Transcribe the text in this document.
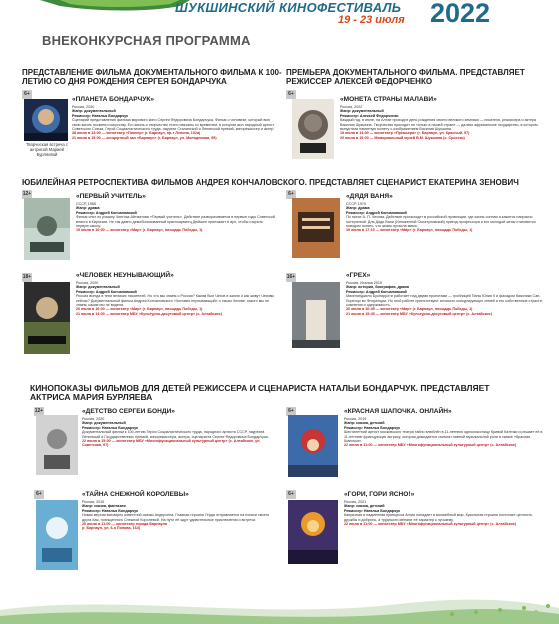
ШУКШИНСКИЙ КИНОФЕСТИВАЛЬ
19 - 23 июля 2022
ВНЕКОНКУРСНАЯ ПРОГРАММА
ПРЕДСТАВЛЕНИЕ ФИЛЬМА ДОКУМЕНТАЛЬНОГО ФИЛЬМА К 100-ЛЕТИЮ СО ДНЯ РОЖДЕНИЯ СЕРГЕЯ БОНДАРЧУКА
ПРЕМЬЕРА ДОКУМЕНТАЛЬНОГО ФИЛЬМА. ПРЕДСТАВЛЯЕТ РЕЖИССЕР АЛЕКСЕЙ ФЕДОРЧЕНКО
6+
Творческая встреча с актрисой Марией Бурляевой
«ПЛАНЕТА БОНДАРЧУК»
Россия, 2020
Жанр: документальный
Режиссер: Наталья Бондарчук
Сценарий представления фильма мирового кино Сергея Федоровича Бондарчука. Фильм о человеке, который всю свою жизнь посвятил искусству. Его жизнь и творчество тесно связаны со временем, в котором жил народный артист Советского Союза, Герой Социалистического труда, лауреат Сталинской и Ленинской премий, кинорежиссер и актер.
28 июля в 13:00 — кинотеатр «Пионер» (г. Барнаул, пр-т Ленина, 102а)
21 июля в 15:00 — концертный зал «Барнаул» (г. Барнаул, ул. Молодежная, 59)
6+
«МОНЕТА СТРАНЫ МАЛАВИ»
Россия, 2022
Жанр: документальный
Режиссер: Алексей Федорченко
Каждый год, в июле, на Алтае проходит день рождения своего великого земляка — писателя, режиссера и актера Василия Шукшина. Творчество приходит не только в нашей стране — далеко африканское государство, в котором выпустили памятную монету с изображением Василия Шукшина.
19 июля в 14:00 — кинотеатр «Премьера» (г. Барнаул, ул. Красный, 97)
20 июля в 15:00 — Мемориальный музей В.М. Шукшина (с. Сростки)
ЮБИЛЕЙНАЯ РЕТРОСПЕКТИВА ФИЛЬМОВ АНДРЕЯ КОНЧАЛОВСКОГО. ПРЕДСТАВЛЯЕТ СЦЕНАРИСТ ЕКАТЕРИНА ЗЕНОВИЧ
12+	«ПЕРВЫЙ УЧИТЕЛЬ»
СССР, 1965
Жанр: драма
Режиссер: Андрей Кончаловский
Фильм снят по роману Чингиза Айтматова «Первый учитель». Действие разворачивается в первые годы Советской власти в Киргизии. Не так давно демобилизованный красноармеец Дюйшен приезжает в аул, чтобы открыть первую школу.
19 июля в 10:00 — кинотеатр «Мир» (г. Барнаул, площадь Победы, 1)
6+	«ДЯДЯ ВАНЯ»
СССР, 1970
Жанр: драма
Режиссер: Андрей Кончаловский
По пьесе А. П. Чехова. Действие происходит в российской провинции, где жизнь сонная и кажется напрасно потерянной. Для Дяди Вани (Иннокентий Смоктуновский) приезд профессора и его молодой жены становится поводом понять, что жизнь прошла мимо.
19 июля в 17:10 — кинотеатр «Мир» (г. Барнаул, площадь Победы, 1)
18+	«ЧЕЛОВЕК НЕУНЫВАЮЩИЙ»
Россия, 2020
Жанр: документальный
Режиссер: Андрей Кончаловский
Россия всегда в тени великих писателей. Но что мы знаем о России? Каким был Чехов в жизни и как живут Чеховы сейчас? Документальный фильм Андрея Кончаловского «Человек неунывающий» о таком Чехове, какого мы не знаем, каким мы не видели.
20 июля в 16:00 — кинотеатр «Мир» (г. Барнаул, площадь Победы, 1)
21 июля в 14:00 — кинотеатр МБУ «Культурно-досуговый центр» (с. Алтайское)
16+	«ГРЕХ»
Россия, Италия 2019
Жанр: история, биография, драма
Режиссер: Андрей Кончаловский
Микеланджело Буонарроти работает над двумя проектами — гробницей Папы Юлия II и фасадом базилики Сан-Лоренцо во Флоренции. Но этой работе препятствуют алчность конкурирующих семей и его собственные страсти, сомнения и одержимость.
20 июля в 10:45 — кинотеатр «Мир» (г. Барнаул, площадь Победы, 1)
21 июля в 15:45 — кинотеатр МБУ «Культурно-досуговый центр» (с. Алтайское)
КИНОПОКАЗЫ ФИЛЬМОВ ДЛЯ ДЕТЕЙ РЕЖИССЕРА И СЦЕНАРИСТА НАТАЛЬИ БОНДАРЧУК. ПРЕДСТАВЛЯЕТ АКТРИСА МАРИЯ БУРЛЯЕВА
12+	«ДЕТСТВО СЕРГЕИ БОНДИ»
Россия, 2020
Жанр: документальный
Режиссер: Наталья Бондарчук
Документальный фильм к 100-летию Героя Социалистического труда, народного артиста СССР, лауреата Ленинской и Государственных премий, кинорежиссера, актера, сценариста Сергея Федоровича Бондарчука.
22 июля в 15:00 — кинотеатр МБУ «Многофункциональный культурный центр» (с. Алтайское, ул. Советская, 97)
6+	«КРАСНАЯ ШАПОЧКА. ОНЛАЙН»
Россия, 2019
Жанр: сказка, детский
Режиссер: Наталья Бондарчук
Шестилетний артист московского театра тайно влюблён в 11-летнюю одноклассницу Кривой Катечки и решает её в 11-летнюю французскую актрису, которая дожидается съемок главной музыкальной роли в сказке «Красная Шапочка».
22 июля в 11:00 — кинотеатр МБУ «Многофункциональный культурный центр» (с. Алтайское)
6+	«ТАЙНА СНЕЖНОЙ КОРОЛЕВЫ»
Россия, 2015
Жанр: сказка, фантазия
Режиссер: Наталья Бондарчук
Новая версия всемирно известной сказки Андерсена. Главная героиня Герда отправляется на поиски своего друга Кая, похищенного Снежной Королевой. На пути её ждут удивительные приключения и встречи.
20 июля в 11:00 — кинотеатр города Барнаула
(г. Барнаул, ул. 6-я Попова, 164)
6+	«ГОРИ, ГОРИ ЯСНО!»
Россия, 2021
Жанр: сказка, детский
Режиссер: Наталья Бондарчук
Капризная и надменная принцесса Агния попадает в волшебный мир. Кукольная героиня постигает ценность дружбы и доброты, а трудности меняют её характер к лучшему.
22 июля в 11:00 — кинотеатр МБУ «Многофункциональный культурный центр» (с. Алтайское)
